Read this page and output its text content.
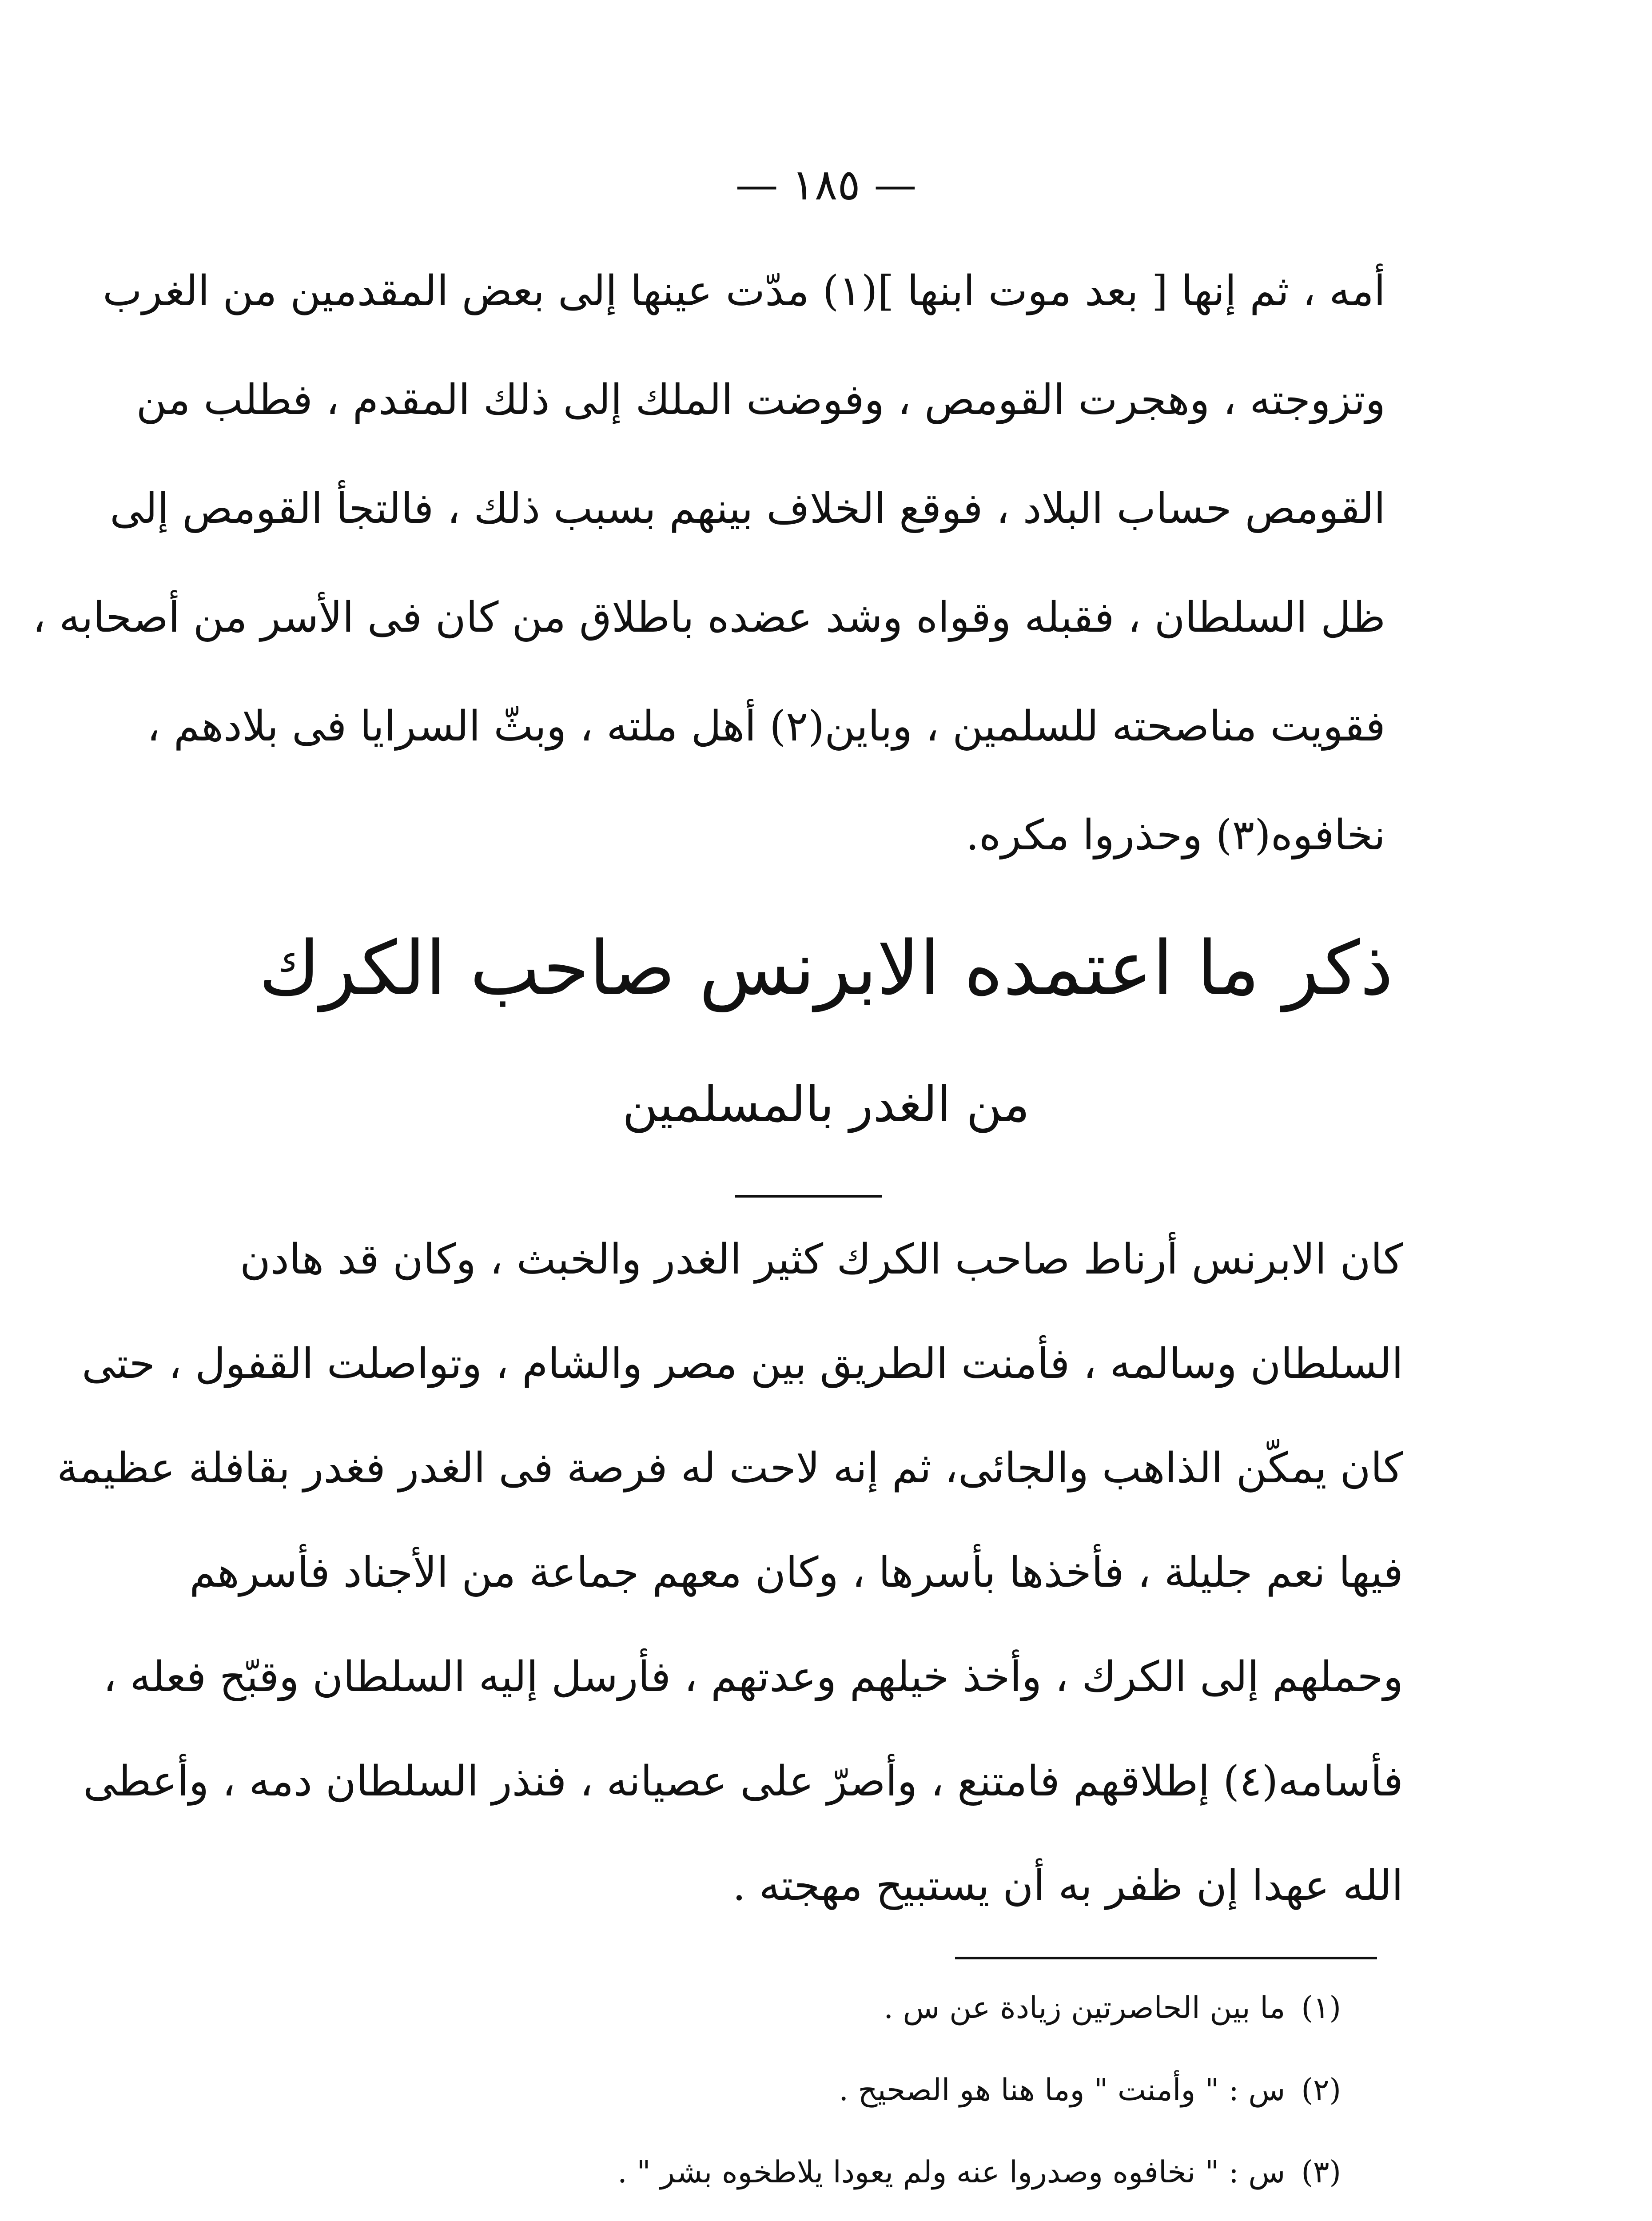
— ١٨٥ —
أمه ، ثم إنها [ بعد موت ابنها ](١) مدّت عينها إلى بعض المقدمين من الغرب
وتزوجته ، وهجرت القومص ، وفوضت الملك إلى ذلك المقدم ، فطلب من
القومص حساب البلاد ، فوقع الخلاف بينهم بسبب ذلك ، فالتجأ القومص إلى
ظل السلطان ، فقبله وقواه وشد عضده باطلاق من كان فى الأسر من أصحابه ،
فقويت مناصحته للسلمين ، وباين(٢) أهل ملته ، وبثّ السرايا فى بلادهم ،
نخافوه(٣) وحذروا مكره.
ذكر ما اعتمده الابرنس صاحب الكرك
من الغدر بالمسلمين
كان الابرنس أرناط صاحب الكرك كثير الغدر والخبث ، وكان قد هادن
السلطان وسالمه ، فأمنت الطريق بين مصر والشام ، وتواصلت القفول ، حتى
كان يمكّن الذاهب والجائى، ثم إنه لاحت له فرصة فى الغدر فغدر بقافلة عظيمة
فيها نعم جليلة ، فأخذها بأسرها ، وكان معهم جماعة من الأجناد فأسرهم
وحملهم إلى الكرك ، وأخذ خيلهم وعدتهم ، فأرسل إليه السلطان وقبّح فعله ،
فأسامه(٤) إطلاقهم فامتنع ، وأصرّ على عصيانه ، فنذر السلطان دمه ، وأعطى
الله عهدا إن ظفر به أن يستبيح مهجته .
(١)ما بين الحاصرتين زيادة عن س .
(٢)س : " وأمنت " وما هنا هو الصحيح .
(٣)س : " نخافوه وصدروا عنه ولم يعودا يلاطخوه بشر " .
